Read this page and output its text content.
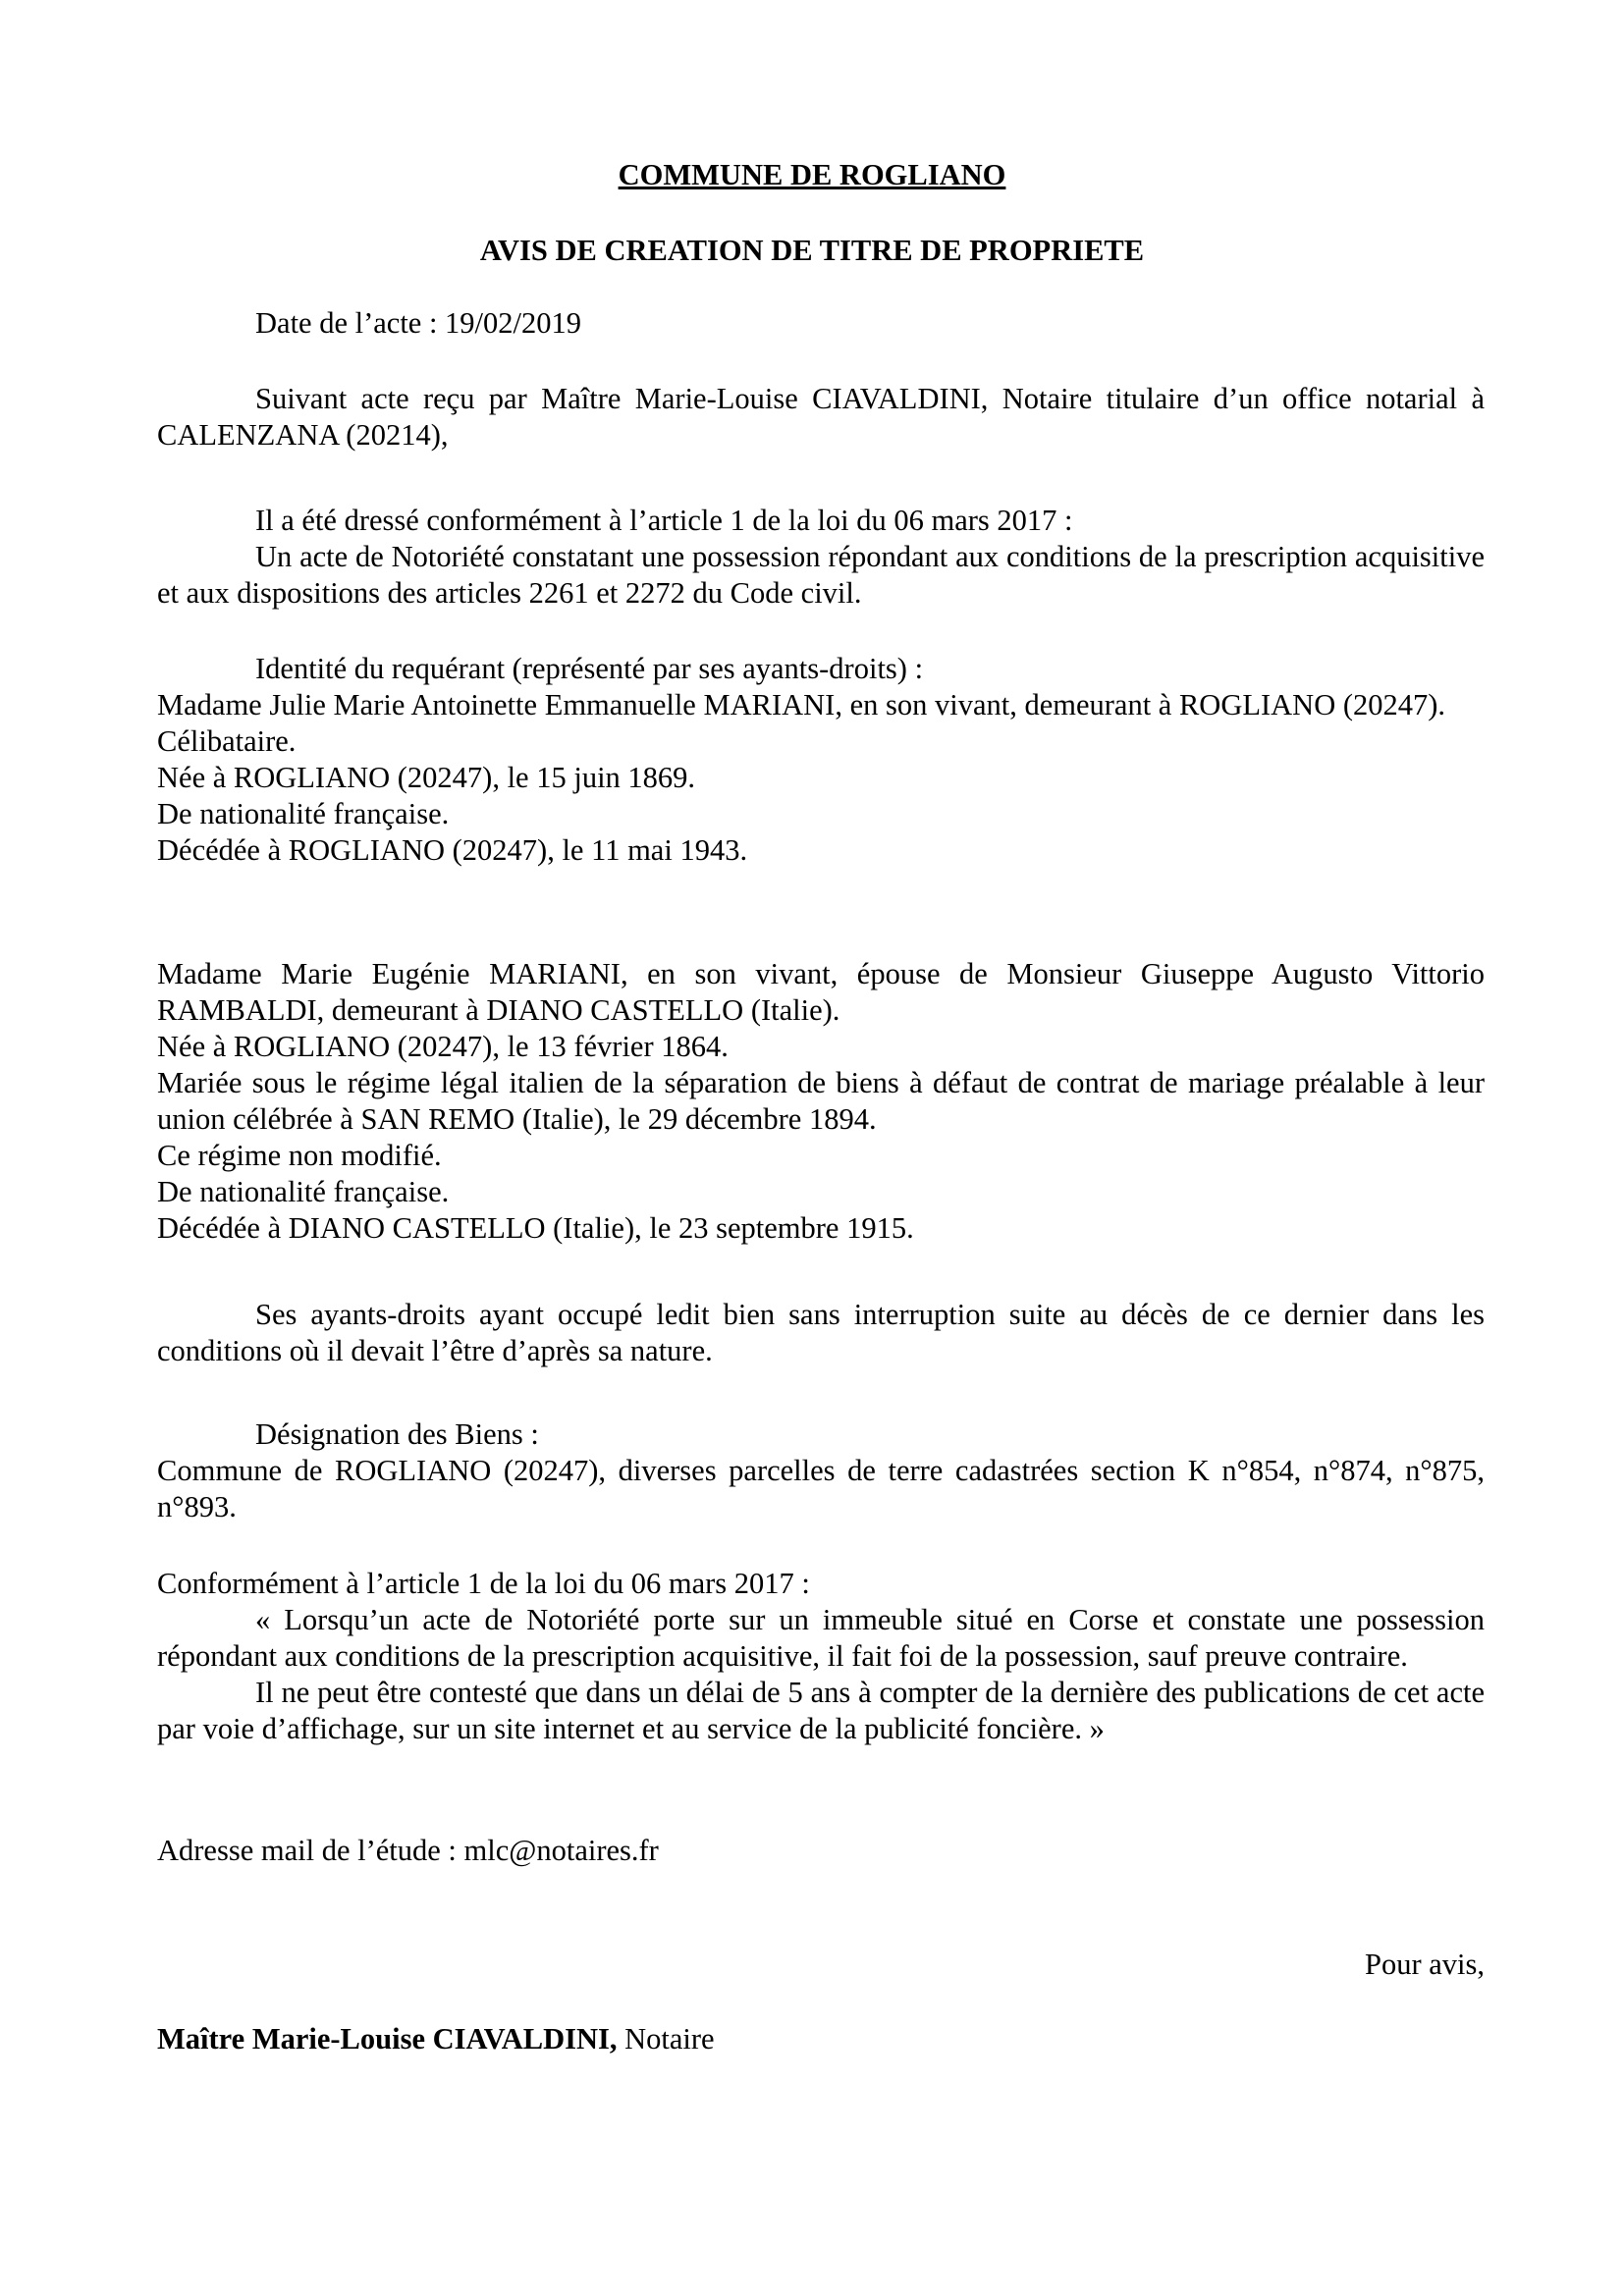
COMMUNE DE ROGLIANO
AVIS DE CREATION DE TITRE DE PROPRIETE
Date de l’acte : 19/02/2019
Suivant acte reçu par Maître Marie-Louise CIAVALDINI, Notaire titulaire d’un office notarial à CALENZANA (20214),
Il a été dressé conformément à l’article 1 de la loi du 06 mars 2017 :
Un acte de Notoriété constatant une possession répondant aux conditions de la prescription acquisitive et aux dispositions des articles 2261 et 2272 du Code civil.
Identité du requérant (représenté par ses ayants-droits) :
Madame Julie Marie Antoinette Emmanuelle MARIANI, en son vivant, demeurant à ROGLIANO (20247).
Célibataire.
Née à ROGLIANO (20247), le 15 juin 1869.
De nationalité française.
Décédée à ROGLIANO (20247), le 11 mai 1943.
Madame Marie Eugénie MARIANI, en son vivant, épouse de Monsieur Giuseppe Augusto Vittorio RAMBALDI, demeurant à DIANO CASTELLO (Italie).
Née à ROGLIANO (20247), le 13 février 1864.
Mariée sous le régime légal italien de la séparation de biens à défaut de contrat de mariage préalable à leur union célébrée à SAN REMO (Italie), le 29 décembre 1894.
Ce régime non modifié.
De nationalité française.
Décédée à DIANO CASTELLO (Italie), le 23 septembre 1915.
Ses ayants-droits ayant occupé ledit bien sans interruption suite au décès de ce dernier dans les conditions où il devait l’être d’après sa nature.
Désignation des Biens :
Commune de ROGLIANO (20247), diverses parcelles de terre cadastrées section K n°854, n°874, n°875, n°893.
Conformément à l’article 1 de la loi du 06 mars 2017 :
« Lorsqu’un acte de Notoriété porte sur un immeuble situé en Corse et constate une possession répondant aux conditions de la prescription acquisitive, il fait foi de la possession, sauf preuve contraire.
Il ne peut être contesté que dans un délai de 5 ans à compter de la dernière des publications de cet acte par voie d’affichage, sur un site internet et au service de la publicité foncière. »
Adresse mail de l’étude : mlc@notaires.fr
Pour avis,
Maître Marie-Louise CIAVALDINI, Notaire
